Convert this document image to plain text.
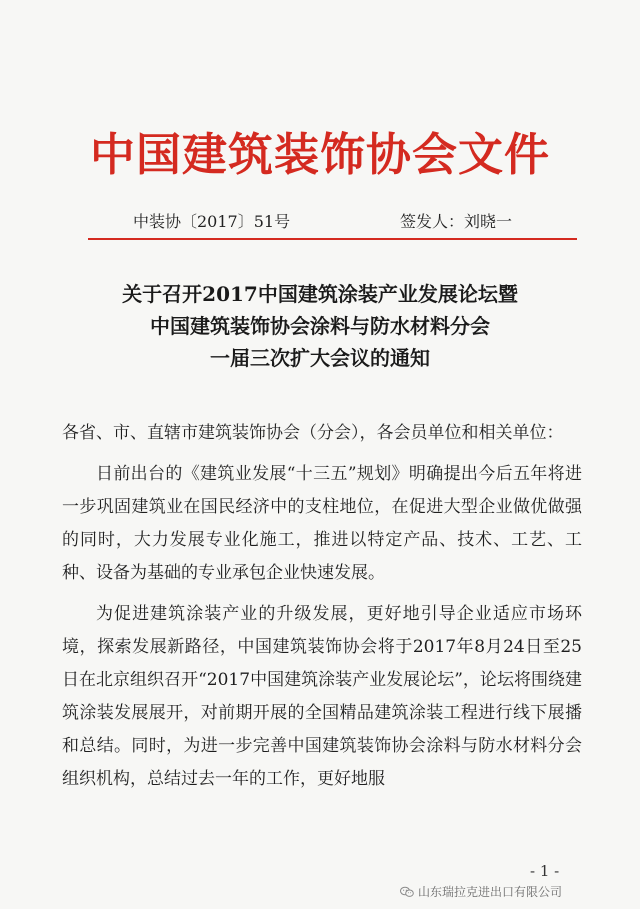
中国建筑装饰协会文件
中装协〔2017〕51号	签发人：刘晓一
关于召开2017中国建筑涂装产业发展论坛暨
中国建筑装饰协会涂料与防水材料分会
一届三次扩大会议的通知

各省、市、直辖市建筑装饰协会（分会），各会员单位和相关单位：

日前出台的《建筑业发展“十三五”规划》明确提出今后五年将进一步巩固建筑业在国民经济中的支柱地位，在促进大型企业做优做强的同时，大力发展专业化施工，推进以特定产品、技术、工艺、工种、设备为基础的专业承包企业快速发展。

为促进建筑涂装产业的升级发展，更好地引导企业适应市场环境，探索发展新路径，中国建筑装饰协会将于2017年8月24日至25日在北京组织召开“2017中国建筑涂装产业发展论坛”，论坛将围绕建筑涂装发展展开，对前期开展的全国精品建筑涂装工程进行线下展播和总结。同时，为进一步完善中国建筑装饰协会涂料与防水材料分会组织机构，总结过去一年的工作，更好地服

- 1 -
山东瑞拉克进出口有限公司
